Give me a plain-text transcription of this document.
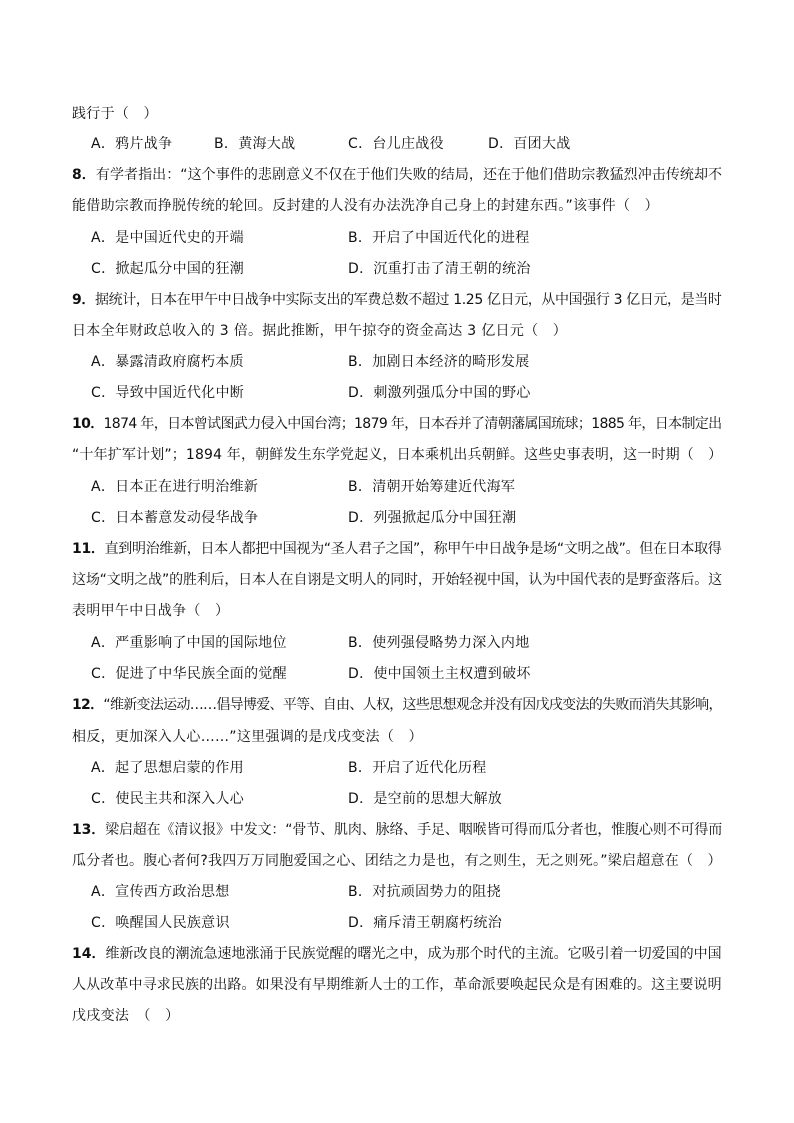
践行于（　）
A．鸦片战争	B．黄海大战	C．台儿庄战役	D．百团大战
8．有学者指出：“这个事件的悲剧意义不仅在于他们失败的结局，还在于他们借助宗教猛烈冲击传统却不
能借助宗教而挣脱传统的轮回。反封建的人没有办法洗净自己身上的封建东西。”该事件（　）
A．是中国近代史的开端	B．开启了中国近代化的进程
C．掀起瓜分中国的狂潮	D．沉重打击了清王朝的统治
9．据统计，日本在甲午中日战争中实际支出的军费总数不超过 1.25 亿日元，从中国强行 3 亿日元，是当时
日本全年财政总收入的 3 倍。据此推断，甲午掠夺的资金高达 3 亿日元（　）
A．暴露清政府腐朽本质	B．加剧日本经济的畸形发展
C．导致中国近代化中断	D．刺激列强瓜分中国的野心
10．1874 年，日本曾试图武力侵入中国台湾；1879 年，日本吞并了清朝藩属国琉球；1885 年，日本制定出
“十年扩军计划”；1894 年，朝鲜发生东学党起义，日本乘机出兵朝鲜。这些史事表明，这一时期（　）
A．日本正在进行明治维新	B．清朝开始筹建近代海军
C．日本蓄意发动侵华战争	D．列强掀起瓜分中国狂潮
11．直到明治维新，日本人都把中国视为“圣人君子之国”，称甲午中日战争是场“文明之战”。但在日本取得
这场“文明之战”的胜利后，日本人在自诩是文明人的同时，开始轻视中国，认为中国代表的是野蛮落后。这
表明甲午中日战争（　）
A．严重影响了中国的国际地位	B．使列强侵略势力深入内地
C．促进了中华民族全面的觉醒	D．使中国领土主权遭到破坏
12．“维新变法运动……倡导博爱、平等、自由、人权，这些思想观念并没有因戊戌变法的失败而消失其影响，
相反，更加深入人心……”这里强调的是戊戌变法（　）
A．起了思想启蒙的作用	B．开启了近代化历程
C．使民主共和深入人心	D．是空前的思想大解放
13．梁启超在《清议报》中发文：“骨节、肌肉、脉络、手足、咽喉皆可得而瓜分者也，惟腹心则不可得而
瓜分者也。腹心者何?我四万万同胞爱国之心、团结之力是也，有之则生，无之则死。”梁启超意在（　）
A．宣传西方政治思想	B．对抗顽固势力的阻挠
C．唤醒国人民族意识	D．痛斥清王朝腐朽统治
14．维新改良的潮流急速地涨涌于民族觉醒的曙光之中，成为那个时代的主流。它吸引着一切爱国的中国
人从改革中寻求民族的出路。如果没有早期维新人士的工作，革命派要唤起民众是有困难的。这主要说明
戊戌变法　（　）
